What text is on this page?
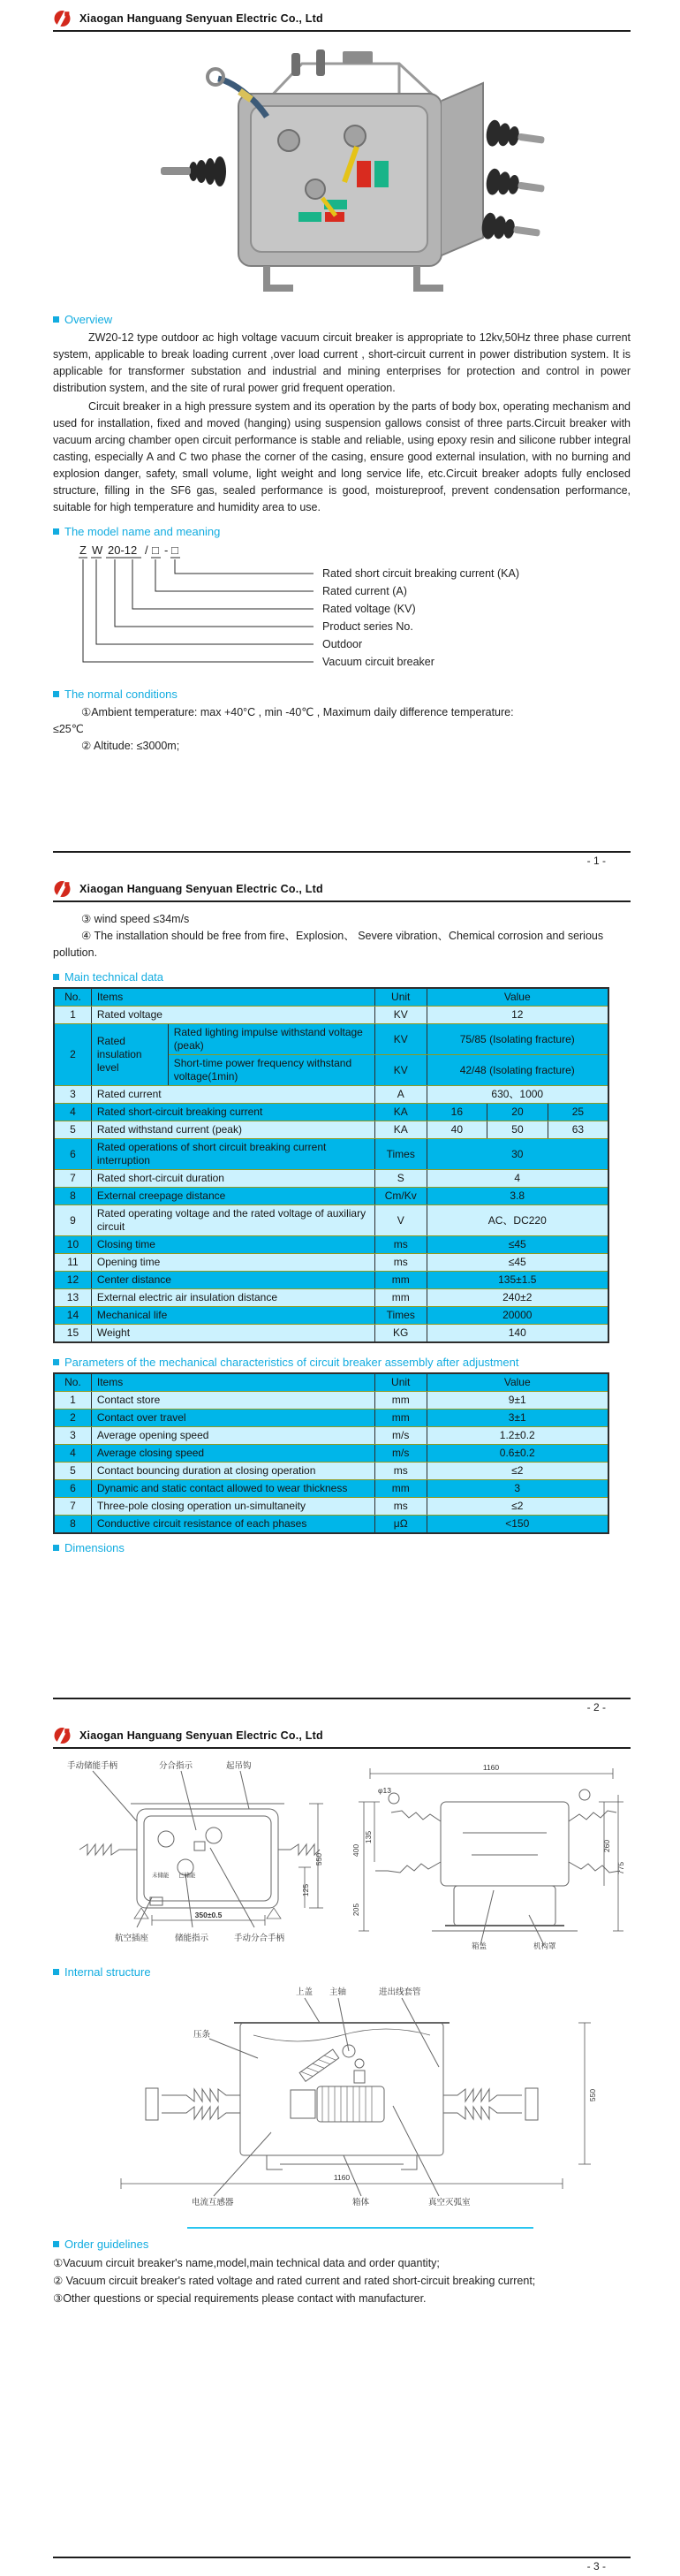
Xiaogan Hanguang Senyuan Electric Co., Ltd
Overview

ZW20-12 type outdoor ac high voltage vacuum circuit breaker is appropriate to 12kv,50Hz three phase current system, applicable to break loading current ,over load current , short-circuit current in power distribution system. It is applicable for transformer substation and industrial and mining enterprises for protection and control in power distribution system, and the site of rural power grid frequent operation.

Circuit breaker in a high pressure system and its operation by the parts of body box, operating mechanism and used for installation, fixed and moved (hanging) using suspension gallows consist of three parts.Circuit breaker with vacuum arcing chamber open circuit performance is stable and reliable, using epoxy resin and silicone rubber integral casting, especially A and C two phase the corner of the casing, ensure good external insulation, with no burning and explosion danger, safety, small volume, light weight and long service life, etc.Circuit breaker adopts fully enclosed structure, filling in the SF6 gas, sealed performance is good, moistureproof, prevent condensation performance, suitable for high temperature and humidity area to use.

The model name and meaning
Z W 20-12 / □ - □
Rated short circuit breaking current (KA)
Rated current (A)
Rated voltage (KV)
Product series No.
Outdoor
Vacuum circuit breaker
The normal conditions
①Ambient temperature: max +40°C , min -40℃ , Maximum daily difference temperature:
≤25℃
② Altitude: ≤3000m;
- 1 -
Xiaogan Hanguang Senyuan Electric Co., Ltd
③ wind speed ≤34m/s
④ The installation should be free from fire、Explosion、 Severe vibration、Chemical corrosion and serious pollution.
Main technical data
No.	Items		Unit	Value		
1	Rated voltage		KV	12		
2	Rated insulation level	Rated lighting impulse withstand voltage (peak)	KV	75/85 (Isolating fracture)		
		Short-time power frequency withstand voltage(1min)	KV	42/48 (Isolating fracture)		
3	Rated current		A	630、1000		
4	Rated short-circuit breaking current		KA	16	20	25
5	Rated withstand current (peak)		KA	40	50	63
6	Rated operations of short circuit breaking current interruption		Times	30		
7	Rated short-circuit duration		S	4		
8	External creepage distance		Cm/Kv	3.8		
9	Rated operating voltage and the rated voltage of auxiliary circuit		V	AC、DC220		
10	Closing time		ms	≤45		
11	Opening time		ms	≤45		
12	Center distance		mm	135±1.5		
13	External electric air insulation distance		mm	240±2		
14	Mechanical life		Times	20000		
15	Weight		KG	140		
Parameters of the mechanical characteristics of circuit breaker assembly after adjustment
No.	Items	Unit	Value
1	Contact store	mm	9±1
2	Contact over travel	mm	3±1
3	Average opening speed	m/s	1.2±0.2
4	Average closing speed	m/s	0.6±0.2
5	Contact bouncing duration at closing operation	ms	≤2
6	Dynamic and static contact allowed to wear thickness	mm	3
7	Three-pole closing operation un-simultaneity	ms	≤2
8	Conductive circuit resistance of each phases	μΩ	<150
Dimensions
- 2 -
Xiaogan Hanguang Senyuan Electric Co., Ltd
手动储能手柄	分合指示	起吊钩
航空插座	储能指示	手动分合手柄
550
125
350±0.5
未储能 已储能
1160
φ13
400
135
205
260
775
箱盖	机构罩
Internal structure
压条
上盖 主轴	进出线套管
电流互感器	箱体	真空灭弧室
1160
550
Order guidelines
①Vacuum circuit breaker's name,model,main technical data and order quantity;
② Vacuum circuit breaker's rated voltage and rated current and rated short-circuit breaking current;
③Other questions or special requirements please contact with manufacturer.
- 3 -
